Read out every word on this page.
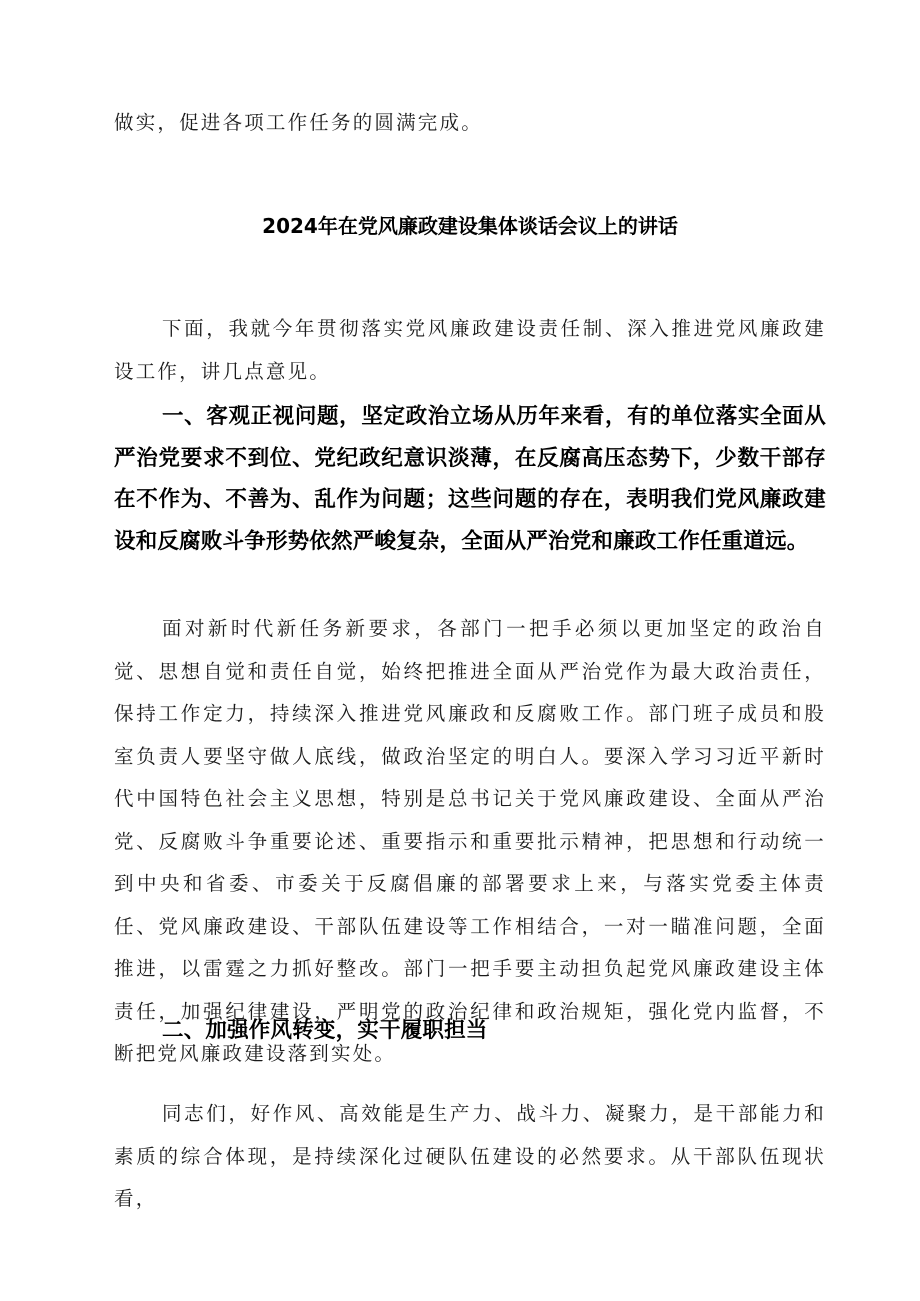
做实，促进各项工作任务的圆满完成。

2024年在党风廉政建设集体谈话会议上的讲话

下面，我就今年贯彻落实党风廉政建设责任制、深入推进党风廉政建设工作，讲几点意见。

一、客观正视问题，坚定政治立场从历年来看，有的单位落实全面从严治党要求不到位、党纪政纪意识淡薄，在反腐高压态势下，少数干部存在不作为、不善为、乱作为问题；这些问题的存在，表明我们党风廉政建设和反腐败斗争形势依然严峻复杂，全面从严治党和廉政工作任重道远。

面对新时代新任务新要求，各部门一把手必须以更加坚定的政治自觉、思想自觉和责任自觉，始终把推进全面从严治党作为最大政治责任，保持工作定力，持续深入推进党风廉政和反腐败工作。部门班子成员和股室负责人要坚守做人底线，做政治坚定的明白人。要深入学习习近平新时代中国特色社会主义思想，特别是总书记关于党风廉政建设、全面从严治党、反腐败斗争重要论述、重要指示和重要批示精神，把思想和行动统一到中央和省委、市委关于反腐倡廉的部署要求上来，与落实党委主体责任、党风廉政建设、干部队伍建设等工作相结合，一对一瞄准问题，全面推进，以雷霆之力抓好整改。部门一把手要主动担负起党风廉政建设主体责任，加强纪律建设，严明党的政治纪律和政治规矩，强化党内监督，不断把党风廉政建设落到实处。

二、加强作风转变，实干履职担当

同志们，好作风、高效能是生产力、战斗力、凝聚力，是干部能力和素质的综合体现，是持续深化过硬队伍建设的必然要求。从干部队伍现状看，
